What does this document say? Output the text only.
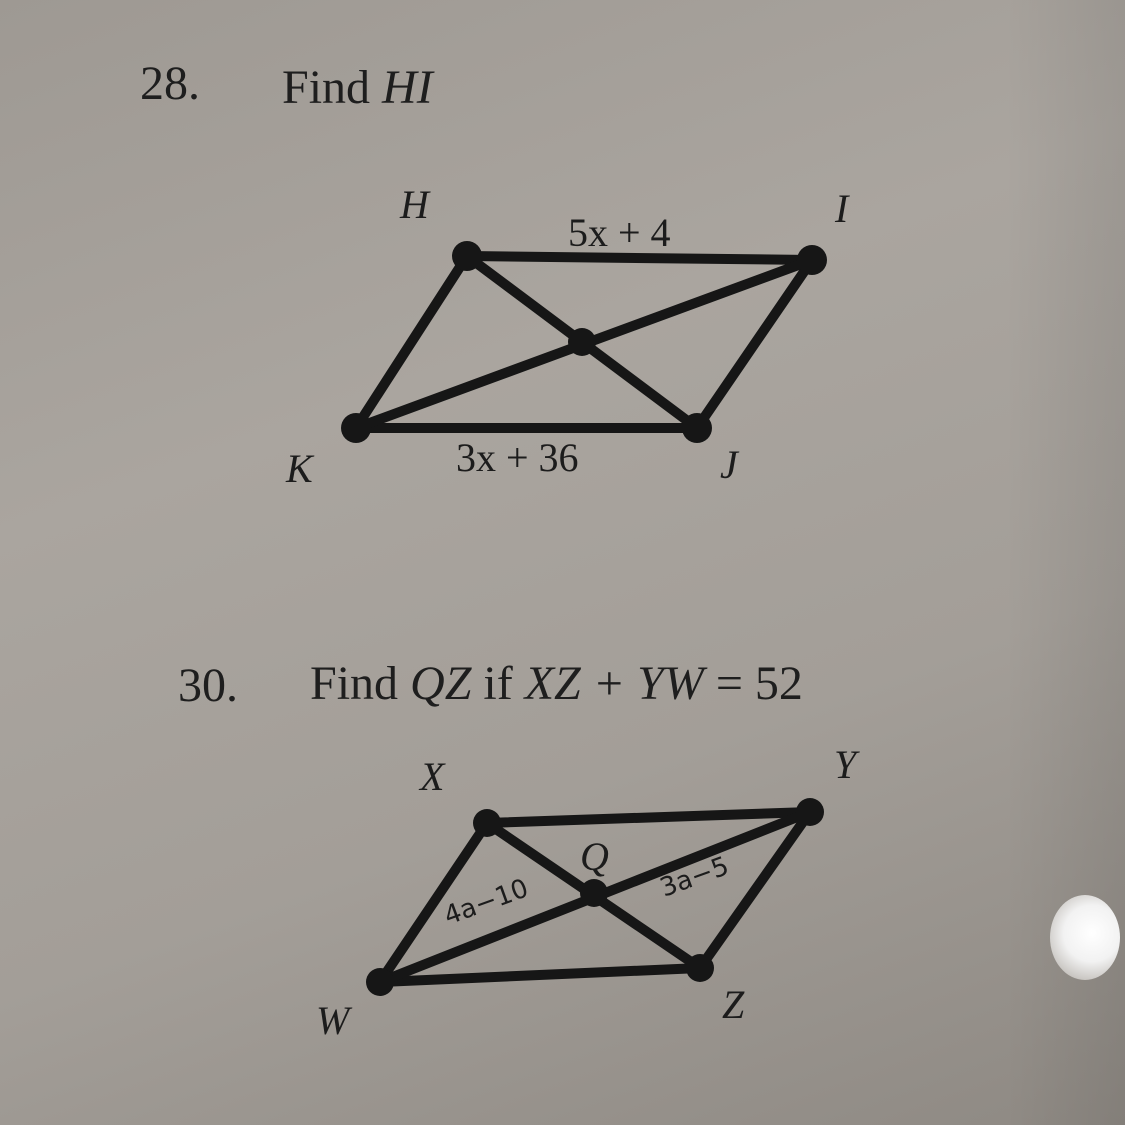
28. Find HI
30. Find QZ if XZ + YW = 52
H	I
J
K
5x + 4
3x + 36
X	Y
Z
W
Q
4a−10	3a−5
